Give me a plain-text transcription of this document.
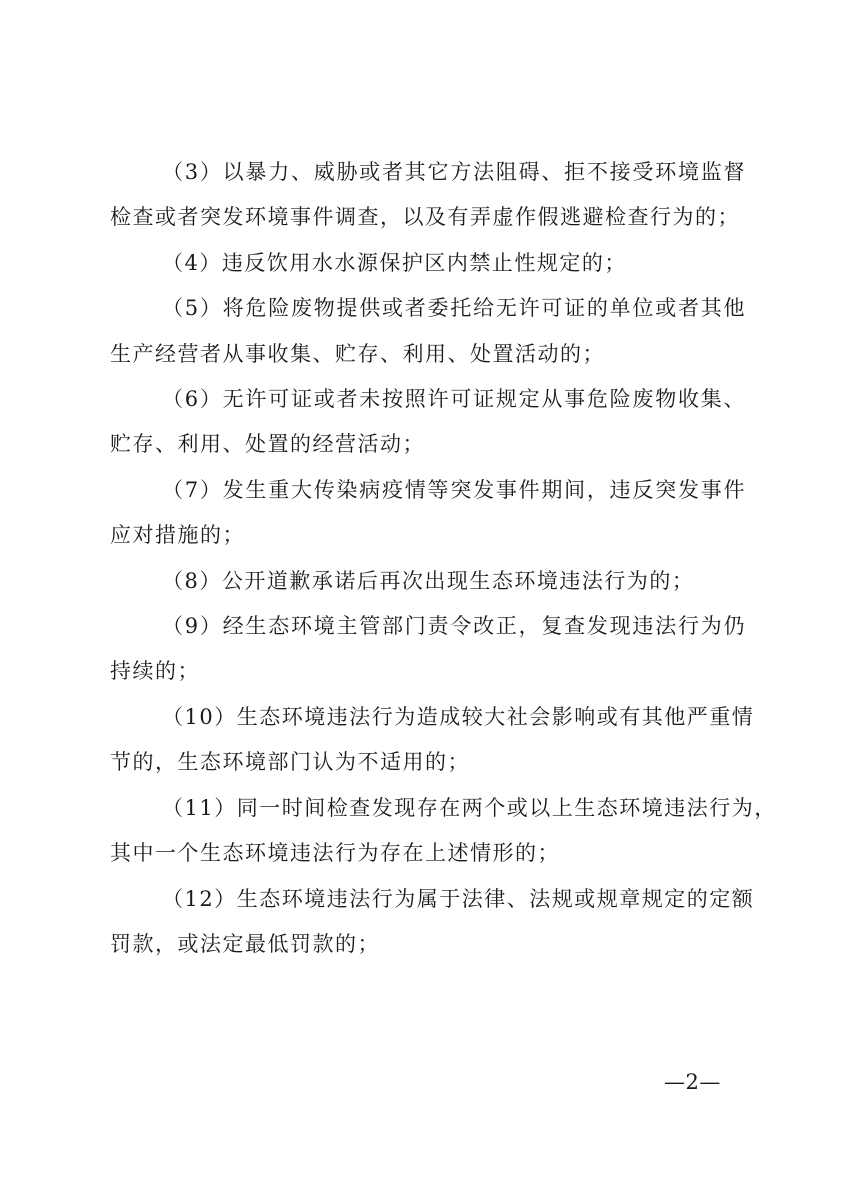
（3）以暴力、威胁或者其它方法阻碍、拒不接受环境监督
检查或者突发环境事件调查，以及有弄虚作假逃避检查行为的；

（4）违反饮用水水源保护区内禁止性规定的；

（5）将危险废物提供或者委托给无许可证的单位或者其他
生产经营者从事收集、贮存、利用、处置活动的；

（6）无许可证或者未按照许可证规定从事危险废物收集、
贮存、利用、处置的经营活动；

（7）发生重大传染病疫情等突发事件期间，违反突发事件
应对措施的；

（8）公开道歉承诺后再次出现生态环境违法行为的；

（9）经生态环境主管部门责令改正，复查发现违法行为仍
持续的；

（10）生态环境违法行为造成较大社会影响或有其他严重情
节的，生态环境部门认为不适用的；

（11）同一时间检查发现存在两个或以上生态环境违法行为，
其中一个生态环境违法行为存在上述情形的；

（12）生态环境违法行为属于法律、法规或规章规定的定额
罚款，或法定最低罚款的；

—2—
